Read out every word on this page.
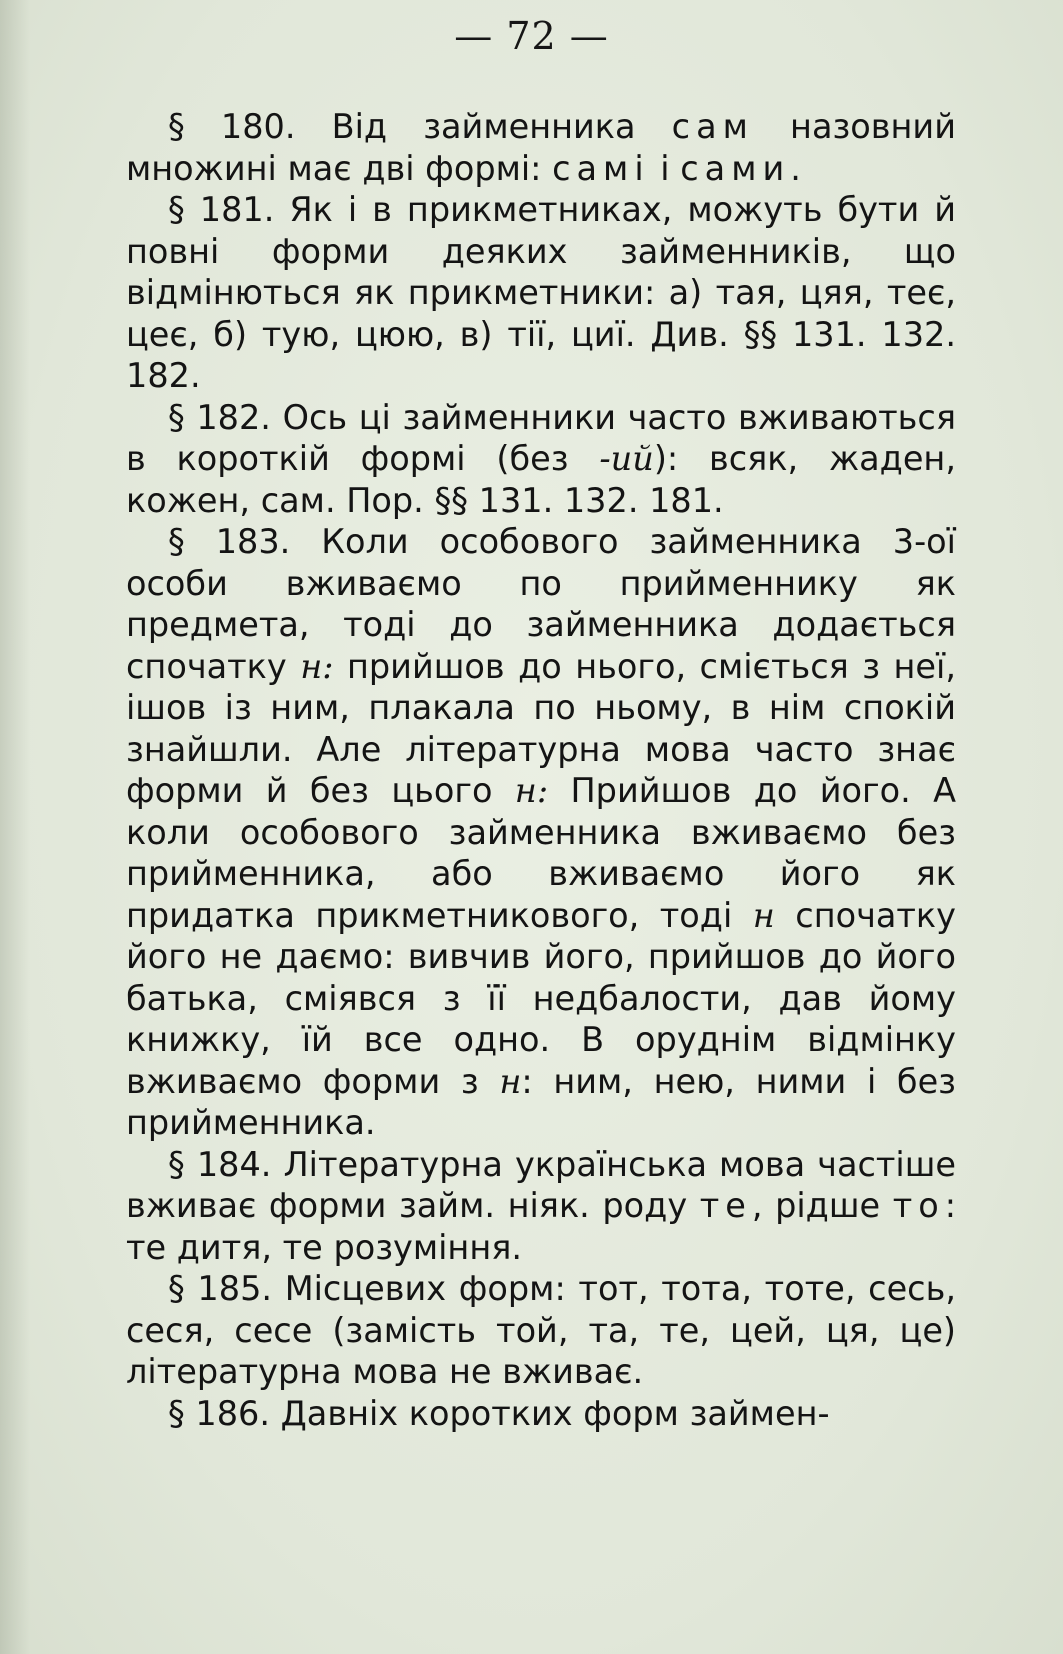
— 72 —

§ 180. Від займенника сам назовний множині має дві формі: самі і сами.

§ 181. Як і в прикметниках, можуть бути й повні форми деяких займенників, що відмінються як прикметники: а) тая, цяя, теє, цеє, б) тую, цюю, в) тії, циї. Див. §§ 131. 132. 182.

§ 182. Ось ці займенники часто вживаються в короткій формі (без -ий): всяк, жаден, кожен, сам. Пор. §§ 131. 132. 181.

§ 183. Коли особового займенника 3-ої особи вживаємо по прийменнику як предмета, тоді до займенника додається спочатку н: прийшов до нього, сміється з неї, ішов із ним, плакала по ньому, в нім спокій знайшли. Але літературна мова часто знає форми й без цього н: Прийшов до його. А коли особового займенника вживаємо без прийменника, або вживаємо його як придатка прикметникового, тоді н спочатку його не даємо: вивчив його, прийшов до його батька, сміявся з її недбалости, дав йому книжку, їй все одно. В оруднім відмінку вживаємо форми з н: ним, нею, ними і без прийменника.

§ 184. Літературна українська мова частіше вживає форми займ. ніяк. роду те, рідше то: те дитя, те розуміння.

§ 185. Місцевих форм: тот, тота, тоте, сесь, сеся, сесе (замість той, та, те, цей, ця, це) літературна мова не вживає.

§ 186. Давніх коротких форм займен-
